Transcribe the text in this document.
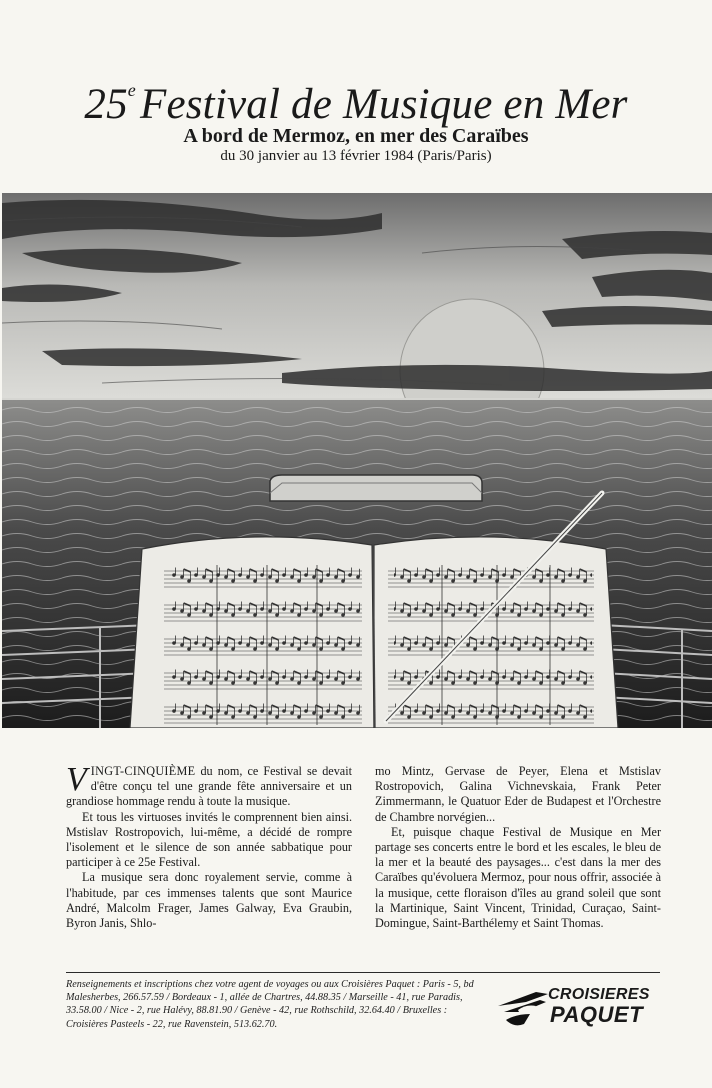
25eFestival de Musique en Mer
A bord de Mermoz, en mer des Caraïbes
du 30 janvier au 13 février 1984 (Paris/Paris)

VINGT-CINQUIÈME du nom, ce Festival se devait d'être conçu tel une grande fête anniversaire et un grandiose hommage rendu à toute la musique.

Et tous les virtuoses invités le comprennent bien ainsi. Mstislav Rostropovich, lui-même, a décidé de rompre l'isolement et le silence de son année sabbatique pour participer à ce 25e Festival.

La musique sera donc royalement servie, comme à l'habitude, par ces immenses talents que sont Maurice André, Malcolm Frager, James Galway, Eva Graubin, Byron Janis, Shlo-

mo Mintz, Gervase de Peyer, Elena et Mstislav Rostropovich, Galina Vichnevskaia, Frank Peter Zimmermann, le Quatuor Eder de Budapest et l'Orchestre de Chambre norvégien...

Et, puisque chaque Festival de Musique en Mer partage ses concerts entre le bord et les escales, le bleu de la mer et la beauté des paysages... c'est dans la mer des Caraïbes qu'évoluera Mermoz, pour nous offrir, associée à la musique, cette floraison d'îles au grand soleil que sont la Martinique, Saint Vincent, Trinidad, Curaçao, Saint-Domingue, Saint-Barthélemy et Saint Thomas.

Renseignements et inscriptions chez votre agent de voyages ou aux Croisières Paquet : Paris - 5, bd Malesherbes, 266.57.59 / Bordeaux - 1, allée de Chartres, 44.88.35 / Marseille - 41, rue Paradis, 33.58.00 / Nice - 2, rue Halévy, 88.81.90 / Genève - 42, rue Rothschild, 32.64.40 / Bruxelles : Croisières Pasteels - 22, rue Ravenstein, 513.62.70.
CROISIERES
PAQUET
